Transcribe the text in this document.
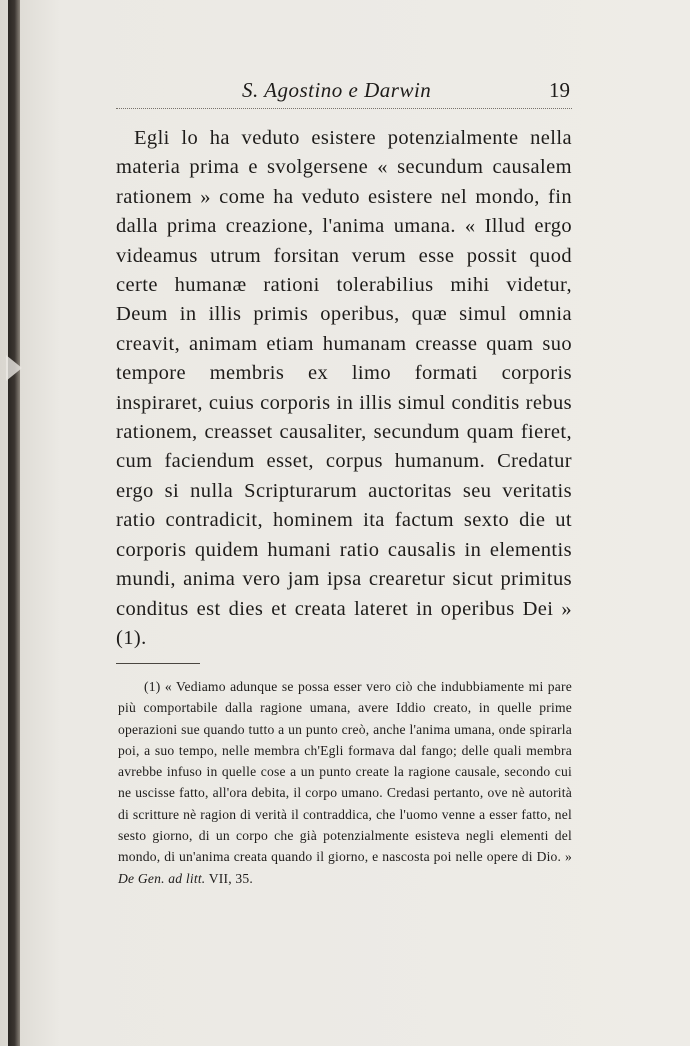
S. Agostino e Darwin	19

Egli lo ha veduto esistere potenzialmente nella materia prima e svolgersene « secundum causalem rationem » come ha veduto esistere nel mondo, fin dalla prima creazione, l'anima umana. « Illud ergo videamus utrum forsitan verum esse possit quod certe humanæ rationi tolerabilius mihi videtur, Deum in illis primis operibus, quæ simul omnia creavit, animam etiam humanam creasse quam suo tempore membris ex limo formati corporis inspiraret, cuius corporis in illis simul conditis rebus rationem, creasset causaliter, secundum quam fieret, cum faciendum esset, corpus humanum. Credatur ergo si nulla Scripturarum auctoritas seu veritatis ratio contradicit, hominem ita factum sexto die ut corporis quidem humani ratio causalis in elementis mundi, anima vero jam ipsa crearetur sicut primitus conditus est dies et creata lateret in operibus Dei » (1).

(1) « Vediamo adunque se possa esser vero ciò che indubbiamente mi pare più comportabile dalla ragione umana, avere Iddio creato, in quelle prime operazioni sue quando tutto a un punto creò, anche l'anima umana, onde spirarla poi, a suo tempo, nelle membra ch'Egli formava dal fango; delle quali membra avrebbe infuso in quelle cose a un punto create la ragione causale, secondo cui ne uscisse fatto, all'ora debita, il corpo umano. Credasi pertanto, ove nè autorità di scritture nè ragion di verità il contraddica, che l'uomo venne a esser fatto, nel sesto giorno, di un corpo che già potenzialmente esisteva negli elementi del mondo, di un'anima creata quando il giorno, e nascosta poi nelle opere di Dio. » De Gen. ad litt. VII, 35.
